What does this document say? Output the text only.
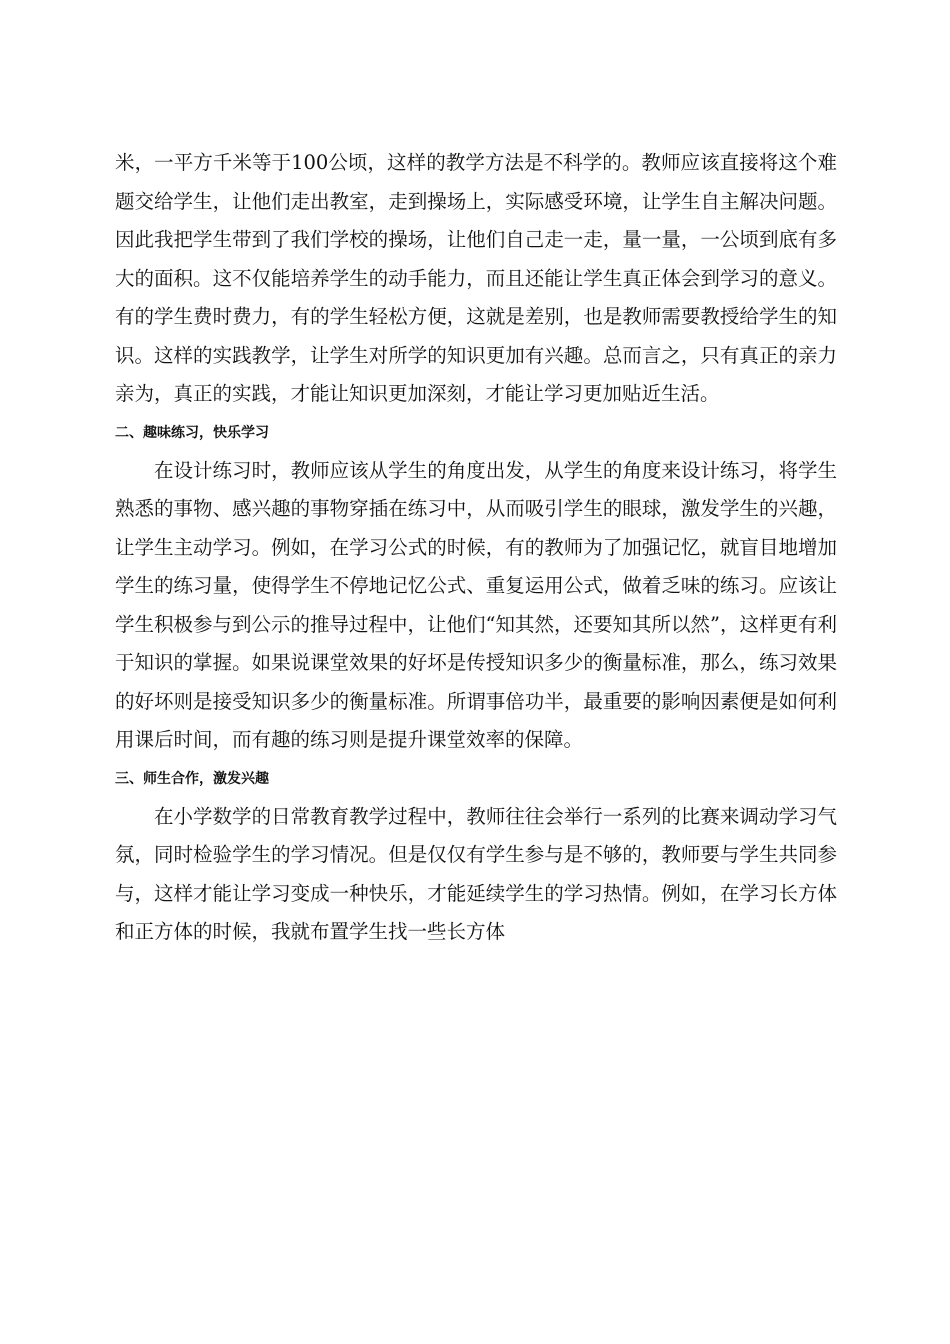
米，一平方千米等于100公顷，这样的教学方法是不科学的。教师应该直接将这个难题交给学生，让他们走出教室，走到操场上，实际感受环境，让学生自主解决问题。因此我把学生带到了我们学校的操场，让他们自己走一走，量一量，一公顷到底有多大的面积。这不仅能培养学生的动手能力，而且还能让学生真正体会到学习的意义。有的学生费时费力，有的学生轻松方便，这就是差别，也是教师需要教授给学生的知识。这样的实践教学，让学生对所学的知识更加有兴趣。总而言之，只有真正的亲力亲为，真正的实践，才能让知识更加深刻，才能让学习更加贴近生活。

二、趣味练习，快乐学习

在设计练习时，教师应该从学生的角度出发，从学生的角度来设计练习，将学生熟悉的事物、感兴趣的事物穿插在练习中，从而吸引学生的眼球，激发学生的兴趣，让学生主动学习。例如，在学习公式的时候，有的教师为了加强记忆，就盲目地增加学生的练习量，使得学生不停地记忆公式、重复运用公式，做着乏味的练习。应该让学生积极参与到公示的推导过程中，让他们“知其然，还要知其所以然”，这样更有利于知识的掌握。如果说课堂效果的好坏是传授知识多少的衡量标准，那么，练习效果的好坏则是接受知识多少的衡量标准。所谓事倍功半，最重要的影响因素便是如何利用课后时间，而有趣的练习则是提升课堂效率的保障。

三、师生合作，激发兴趣

在小学数学的日常教育教学过程中，教师往往会举行一系列的比赛来调动学习气氛，同时检验学生的学习情况。但是仅仅有学生参与是不够的，教师要与学生共同参与，这样才能让学习变成一种快乐，才能延续学生的学习热情。例如，在学习长方体和正方体的时候，我就布置学生找一些长方体
